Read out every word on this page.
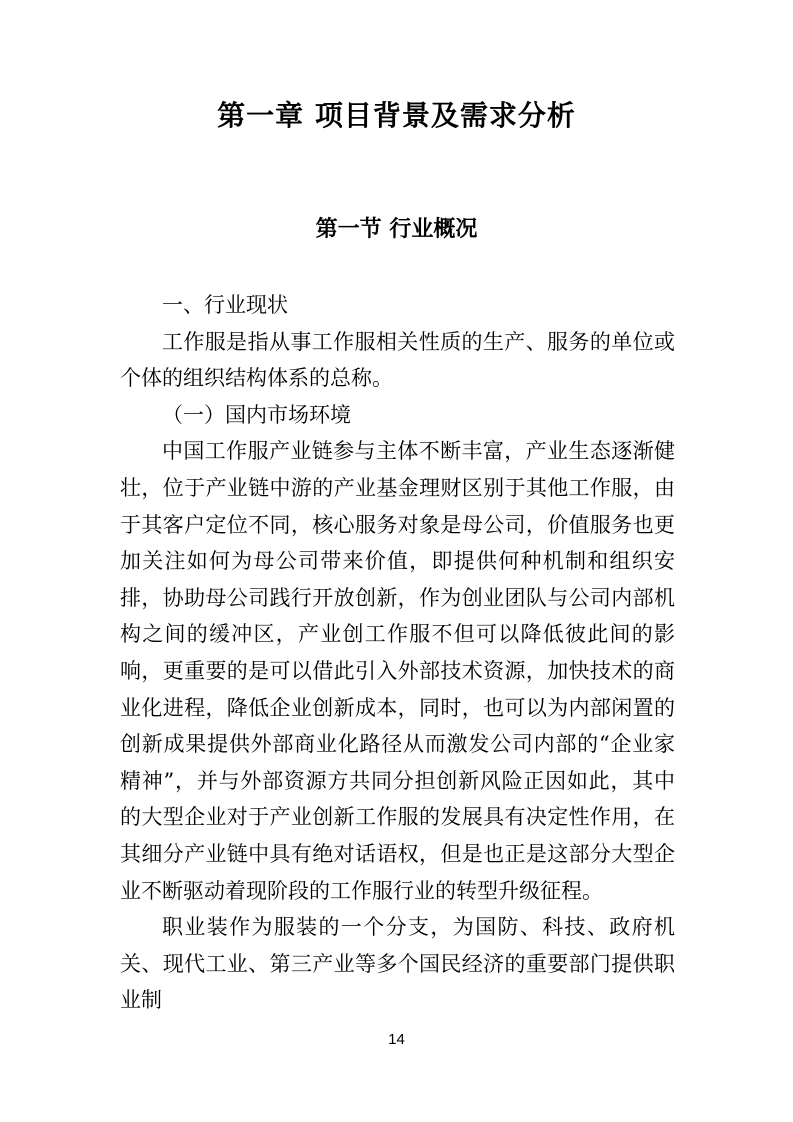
第一章 项目背景及需求分析
第一节 行业概况

一、行业现状

工作服是指从事工作服相关性质的生产、服务的单位或个体的组织结构体系的总称。

（一）国内市场环境

中国工作服产业链参与主体不断丰富，产业生态逐渐健壮，位于产业链中游的产业基金理财区别于其他工作服，由于其客户定位不同，核心服务对象是母公司，价值服务也更加关注如何为母公司带来价值，即提供何种机制和组织安排，协助母公司践行开放创新，作为创业团队与公司内部机构之间的缓冲区，产业创工作服不但可以降低彼此间的影响，更重要的是可以借此引入外部技术资源，加快技术的商业化进程，降低企业创新成本，同时，也可以为内部闲置的创新成果提供外部商业化路径从而激发公司内部的“企业家精神”，并与外部资源方共同分担创新风险正因如此，其中的大型企业对于产业创新工作服的发展具有决定性作用，在其细分产业链中具有绝对话语权，但是也正是这部分大型企业不断驱动着现阶段的工作服行业的转型升级征程。

职业装作为服装的一个分支，为国防、科技、政府机关、现代工业、第三产业等多个国民经济的重要部门提供职业制

14
